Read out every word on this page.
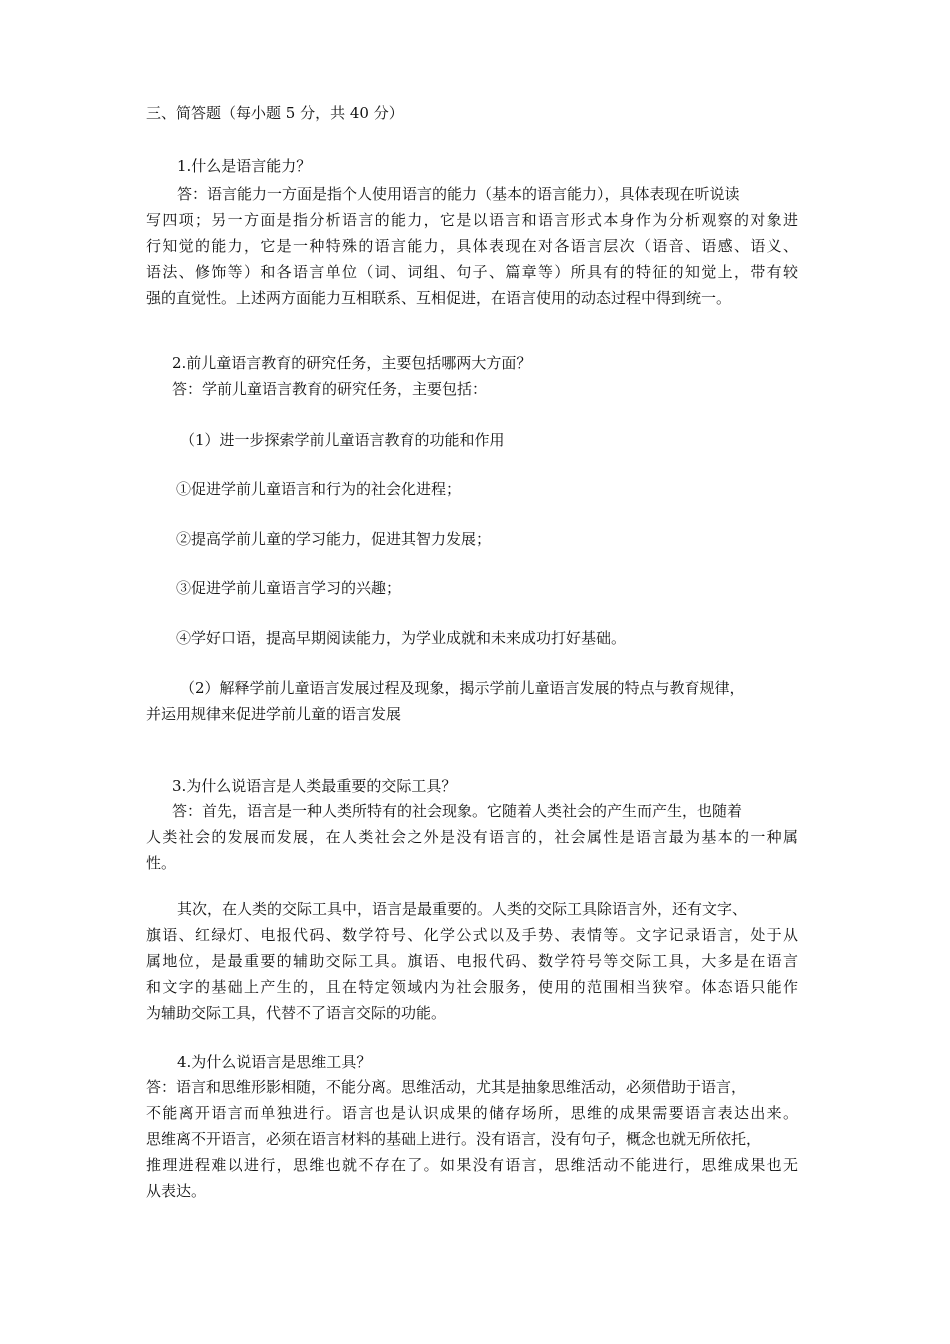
三、简答题（每小题 5 分，共 40 分）
1.什么是语言能力？
答：语言能力一方面是指个人使用语言的能力（基本的语言能力），具体表现在听说读
写四项；另一方面是指分析语言的能力，它是以语言和语言形式本身作为分析观察的对象进
行知觉的能力，它是一种特殊的语言能力，具体表现在对各语言层次（语音、语感、语义、
语法、修饰等）和各语言单位（词、词组、句子、篇章等）所具有的特征的知觉上，带有较
强的直觉性。上述两方面能力互相联系、互相促进，在语言使用的动态过程中得到统一。
2.前儿童语言教育的研究任务，主要包括哪两大方面？
答：学前儿童语言教育的研究任务，主要包括：
（1）进一步探索学前儿童语言教育的功能和作用
①促进学前儿童语言和行为的社会化进程；
②提高学前儿童的学习能力，促进其智力发展；
③促进学前儿童语言学习的兴趣；
④学好口语，提高早期阅读能力，为学业成就和未来成功打好基础。
（2）解释学前儿童语言发展过程及现象，揭示学前儿童语言发展的特点与教育规律，
并运用规律来促进学前儿童的语言发展
3.为什么说语言是人类最重要的交际工具？
答：首先，语言是一种人类所特有的社会现象。它随着人类社会的产生而产生，也随着
人类社会的发展而发展，在人类社会之外是没有语言的，社会属性是语言最为基本的一种属
性。
其次，在人类的交际工具中，语言是最重要的。人类的交际工具除语言外，还有文字、
旗语、红绿灯、电报代码、数学符号、化学公式以及手势、表情等。文字记录语言，处于从
属地位，是最重要的辅助交际工具。旗语、电报代码、数学符号等交际工具，大多是在语言
和文字的基础上产生的，且在特定领域内为社会服务，使用的范围相当狭窄。体态语只能作
为辅助交际工具，代替不了语言交际的功能。
4.为什么说语言是思维工具？
答：语言和思维形影相随，不能分离。思维活动，尤其是抽象思维活动，必须借助于语言，
不能离开语言而单独进行。语言也是认识成果的储存场所，思维的成果需要语言表达出来。
思维离不开语言，必须在语言材料的基础上进行。没有语言，没有句子，概念也就无所依托，
推理进程难以进行，思维也就不存在了。如果没有语言，思维活动不能进行，思维成果也无
从表达。
